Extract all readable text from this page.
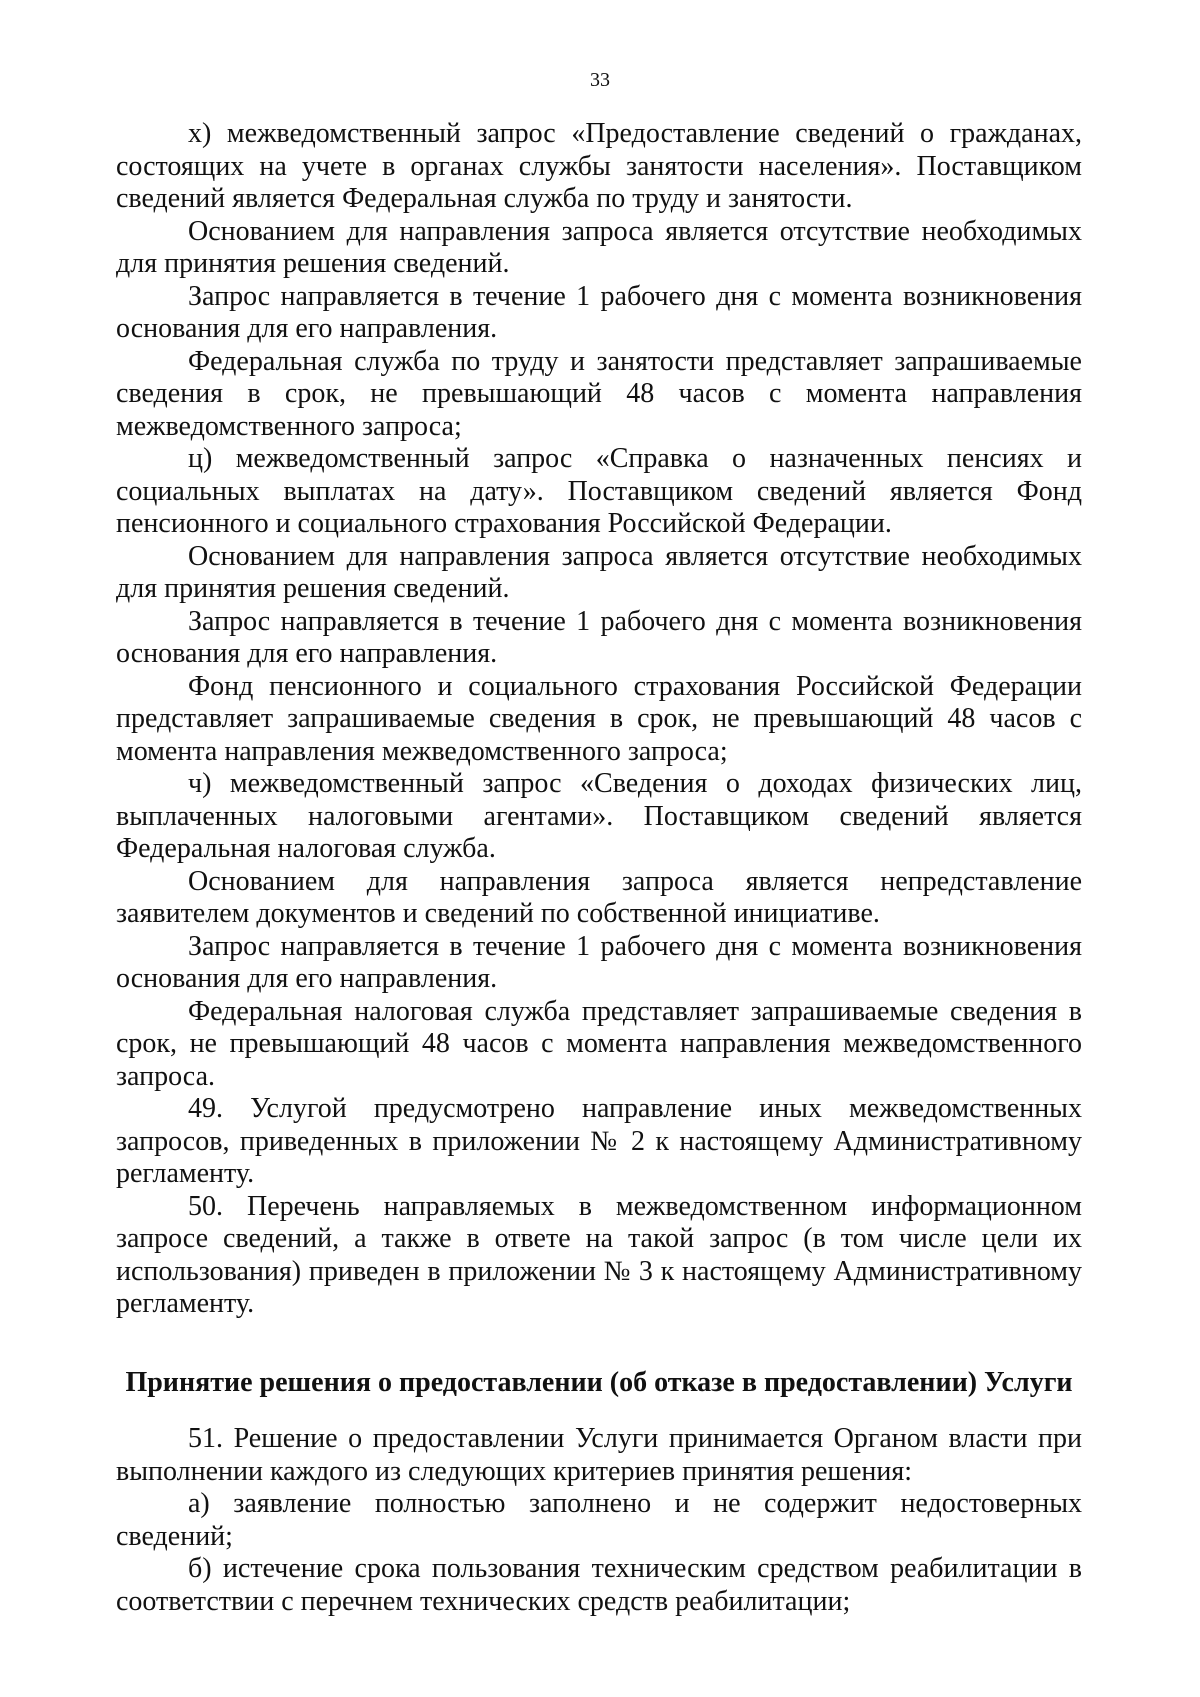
33

х) межведомственный запрос «Предоставление сведений о гражданах, состоящих на учете в органах службы занятости населения». Поставщиком сведений является Федеральная служба по труду и занятости.

Основанием для направления запроса является отсутствие необходимых для принятия решения сведений.

Запрос направляется в течение 1 рабочего дня с момента возникновения основания для его направления.

Федеральная служба по труду и занятости представляет запрашиваемые сведения в срок, не превышающий 48 часов с момента направления межведомственного запроса;

ц) межведомственный запрос «Справка о назначенных пенсиях и социальных выплатах на дату». Поставщиком сведений является Фонд пенсионного и социального страхования Российской Федерации.

Основанием для направления запроса является отсутствие необходимых для принятия решения сведений.

Запрос направляется в течение 1 рабочего дня с момента возникновения основания для его направления.

Фонд пенсионного и социального страхования Российской Федерации представляет запрашиваемые сведения в срок, не превышающий 48 часов с момента направления межведомственного запроса;

ч) межведомственный запрос «Сведения о доходах физических лиц, выплаченных налоговыми агентами». Поставщиком сведений является Федеральная налоговая служба.

Основанием для направления запроса является непредставление заявителем документов и сведений по собственной инициативе.

Запрос направляется в течение 1 рабочего дня с момента возникновения основания для его направления.

Федеральная налоговая служба представляет запрашиваемые сведения в срок, не превышающий 48 часов с момента направления межведомственного запроса.

49. Услугой предусмотрено направление иных межведомственных запросов, приведенных в приложении № 2 к настоящему Административному регламенту.

50. Перечень направляемых в межведомственном информационном запросе сведений, а также в ответе на такой запрос (в том числе цели их использования) приведен в приложении № 3 к настоящему Административному регламенту.

Принятие решения о предоставлении (об отказе в предоставлении) Услуги

51. Решение о предоставлении Услуги принимается Органом власти при выполнении каждого из следующих критериев принятия решения:

а) заявление полностью заполнено и не содержит недостоверных сведений;

б) истечение срока пользования техническим средством реабилитации в соответствии с перечнем технических средств реабилитации;
